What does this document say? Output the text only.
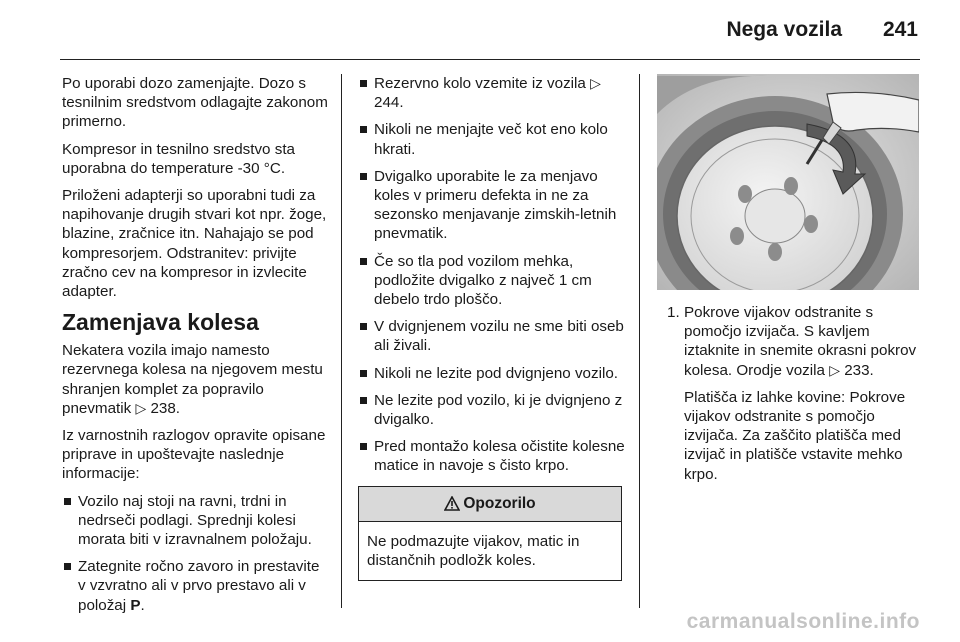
Nega vozila 241

Po uporabi dozo zamenjajte. Dozo s tesnilnim sredstvom odlagajte zakonom primerno.

Kompresor in tesnilno sredstvo sta uporabna do temperature -30 °C.

Priloženi adapterji so uporabni tudi za napihovanje drugih stvari kot npr. žoge, blazine, zračnice itn. Nahajajo se pod kompresorjem. Odstranitev: privijte zračno cev na kompresor in izvlecite adapter.

Zamenjava kolesa

Nekatera vozila imajo namesto rezervnega kolesa na njegovem mestu shranjen komplet za popravilo pnevmatik ▷ 238.

Iz varnostnih razlogov opravite opisane priprave in upoštevajte naslednje informacije:

Vozilo naj stoji na ravni, trdni in nedrseči podlagi. Sprednji kolesi morata biti v izravnalnem položaju.
Zategnite ročno zavoro in prestavite v vzvratno ali v prvo prestavo ali v položaj P.
Rezervno kolo vzemite iz vozila ▷ 244.
Nikoli ne menjajte več kot eno kolo hkrati.
Dvigalko uporabite le za menjavo koles v primeru defekta in ne za sezonsko menjavanje zimskih-letnih pnevmatik.
Če so tla pod vozilom mehka, podložite dvigalko z največ 1 cm debelo trdo ploščo.
V dvignjenem vozilu ne sme biti oseb ali živali.
Nikoli ne lezite pod dvignjeno vozilo.
Ne lezite pod vozilo, ki je dvignjeno z dvigalko.
Pred montažo kolesa očistite kolesne matice in navoje s čisto krpo.
Opozorilo
Ne podmazujte vijakov, matic in distančnih podložk koles.
1. Pokrove vijakov odstranite s pomočjo izvijača. S kavljem iztaknite in snemite okrasni pokrov kolesa. Orodje vozila ▷ 233.

Platišča iz lahke kovine: Pokrove vijakov odstranite s pomočjo izvijača. Za zaščito platišča med izvijač in platišče vstavite mehko krpo.

carmanualsonline.info
